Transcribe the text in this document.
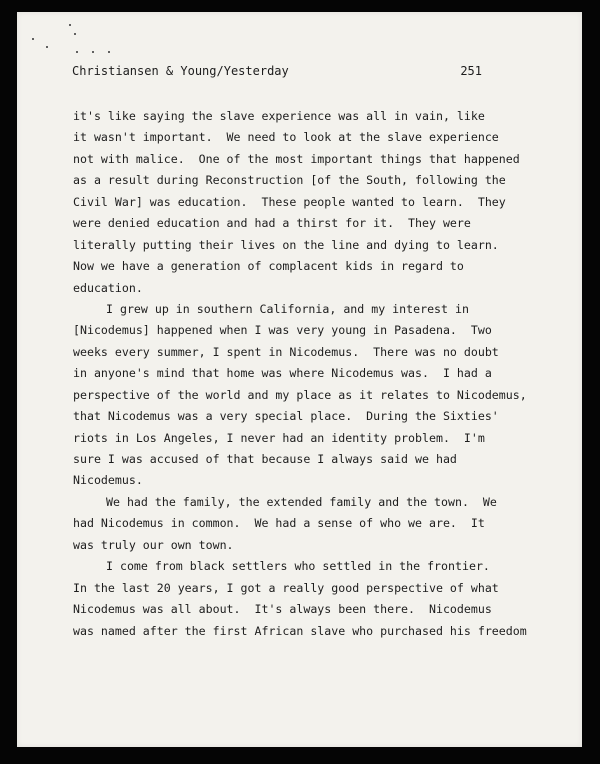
Christiansen & Young/Yesterday	251
it's like saying the slave experience was all in vain, like
it wasn't important.  We need to look at the slave experience
not with malice.  One of the most important things that happened
as a result during Reconstruction [of the South, following the
Civil War] was education.  These people wanted to learn.  They
were denied education and had a thirst for it.  They were
literally putting their lives on the line and dying to learn.
Now we have a generation of complacent kids in regard to
education.
I grew up in southern California, and my interest in
[Nicodemus] happened when I was very young in Pasadena.  Two
weeks every summer, I spent in Nicodemus.  There was no doubt
in anyone's mind that home was where Nicodemus was.  I had a
perspective of the world and my place as it relates to Nicodemus,
that Nicodemus was a very special place.  During the Sixties'
riots in Los Angeles, I never had an identity problem.  I'm
sure I was accused of that because I always said we had
Nicodemus.
We had the family, the extended family and the town.  We
had Nicodemus in common.  We had a sense of who we are.  It
was truly our own town.
I come from black settlers who settled in the frontier.
In the last 20 years, I got a really good perspective of what
Nicodemus was all about.  It's always been there.  Nicodemus
was named after the first African slave who purchased his freedom
